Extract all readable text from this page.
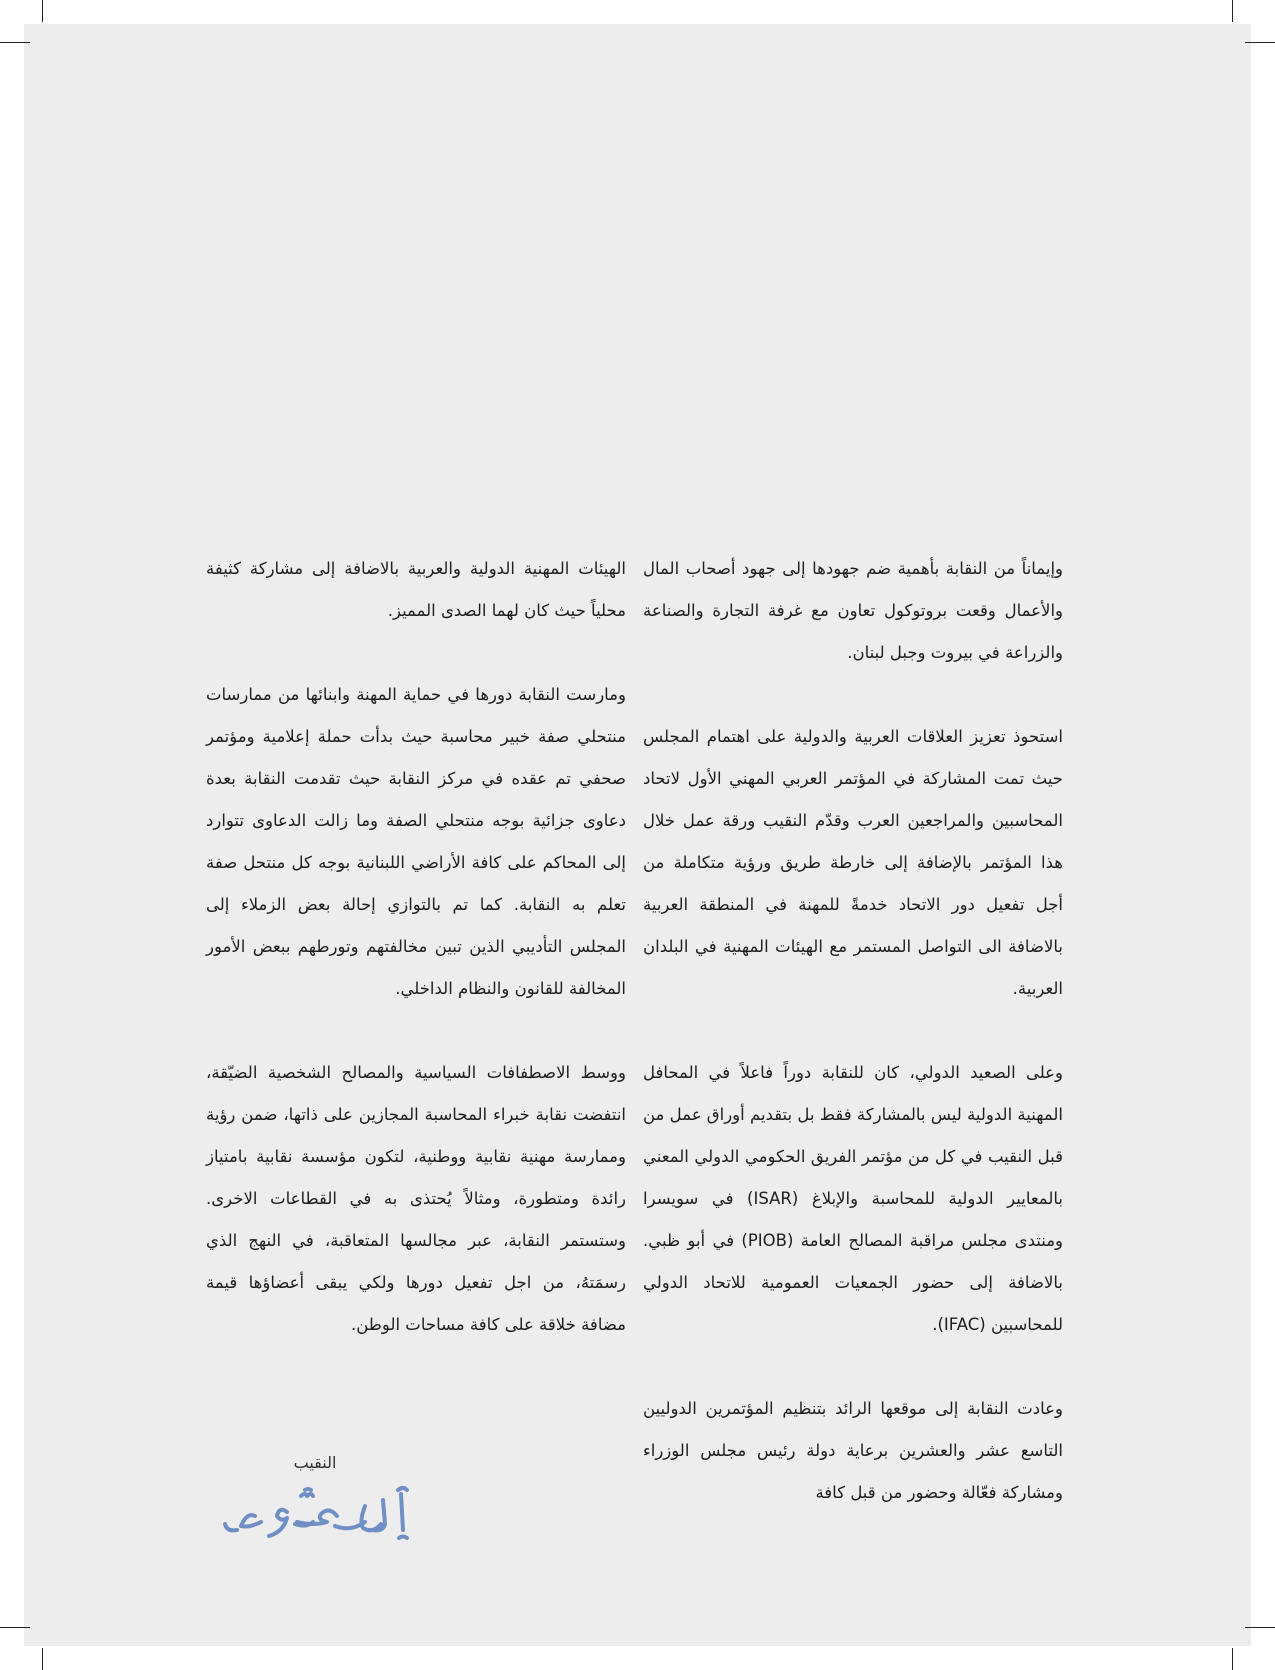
وإيماناً من النقابة بأهمية ضم جهودها إلى جهود أصحاب المال والأعمال وقعت بروتوكول تعاون مع غرفة التجارة والصناعة والزراعة في بيروت وجبل لبنان.

استحوذ تعزيز العلاقات العربية والدولية على اهتمام المجلس حيث تمت المشاركة في المؤتمر العربي المهني الأول لاتحاد المحاسبين والمراجعين العرب وقدّم النقيب ورقة عمل خلال هذا المؤتمر بالإضافة إلى خارطة طريق ورؤية متكاملة من أجل تفعيل دور الاتحاد خدمةً للمهنة في المنطقة العربية بالاضافة الى التواصل المستمر مع الهيئات المهنية في البلدان العربية.

وعلى الصعيد الدولي، كان للنقابة دوراً فاعلاً في المحافل المهنية الدولية ليس بالمشاركة فقط بل بتقديم أوراق عمل من قبل النقيب في كل من مؤتمر الفريق الحكومي الدولي المعني بالمعايير الدولية للمحاسبة والإبلاغ (ISAR) في سويسرا ومنتدى مجلس مراقبة المصالح العامة (PIOB) في أبو ظبي. بالاضافة إلى حضور الجمعيات العمومية للاتحاد الدولي للمحاسبين (IFAC).

وعادت النقابة إلى موقعها الرائد بتنظيم المؤتمرين الدوليين التاسع عشر والعشرين برعاية دولة رئيس مجلس الوزراء ومشاركة فعّالة وحضور من قبل كافة

الهيئات المهنية الدولية والعربية بالاضافة إلى مشاركة كثيفة محلياً حيث كان لهما الصدى المميز.

ومارست النقابة دورها في حماية المهنة وابنائها من ممارسات منتحلي صفة خبير محاسبة حيث بدأت حملة إعلامية ومؤتمر صحفي تم عقده في مركز النقابة حيث تقدمت النقابة بعدة دعاوى جزائية بوجه منتحلي الصفة وما زالت الدعاوى تتوارد إلى المحاكم على كافة الأراضي اللبنانية بوجه كل منتحل صفة تعلم به النقابة. كما تم بالتوازي إحالة بعض الزملاء إلى المجلس التأديبي الذين تبين مخالفتهم وتورطهم ببعض الأمور المخالفة للقانون والنظام الداخلي.

ووسط الاصطفافات السياسية والمصالح الشخصية الضيّقة، انتفضت نقابة خبراء المحاسبة المجازين على ذاتها، ضمن رؤية وممارسة مهنية نقابية ووطنية، لتكون مؤسسة نقابية بامتياز رائدة ومتطورة، ومثالاً يُحتذى به في القطاعات الاخرى. وستستمر النقابة، عبر مجالسها المتعاقبة، في النهج الذي رسمَتهُ، من اجل تفعيل دورها ولكي يبقى أعضاؤها قيمة مضافة خلاقة على كافة مساحات الوطن.

النقيب
